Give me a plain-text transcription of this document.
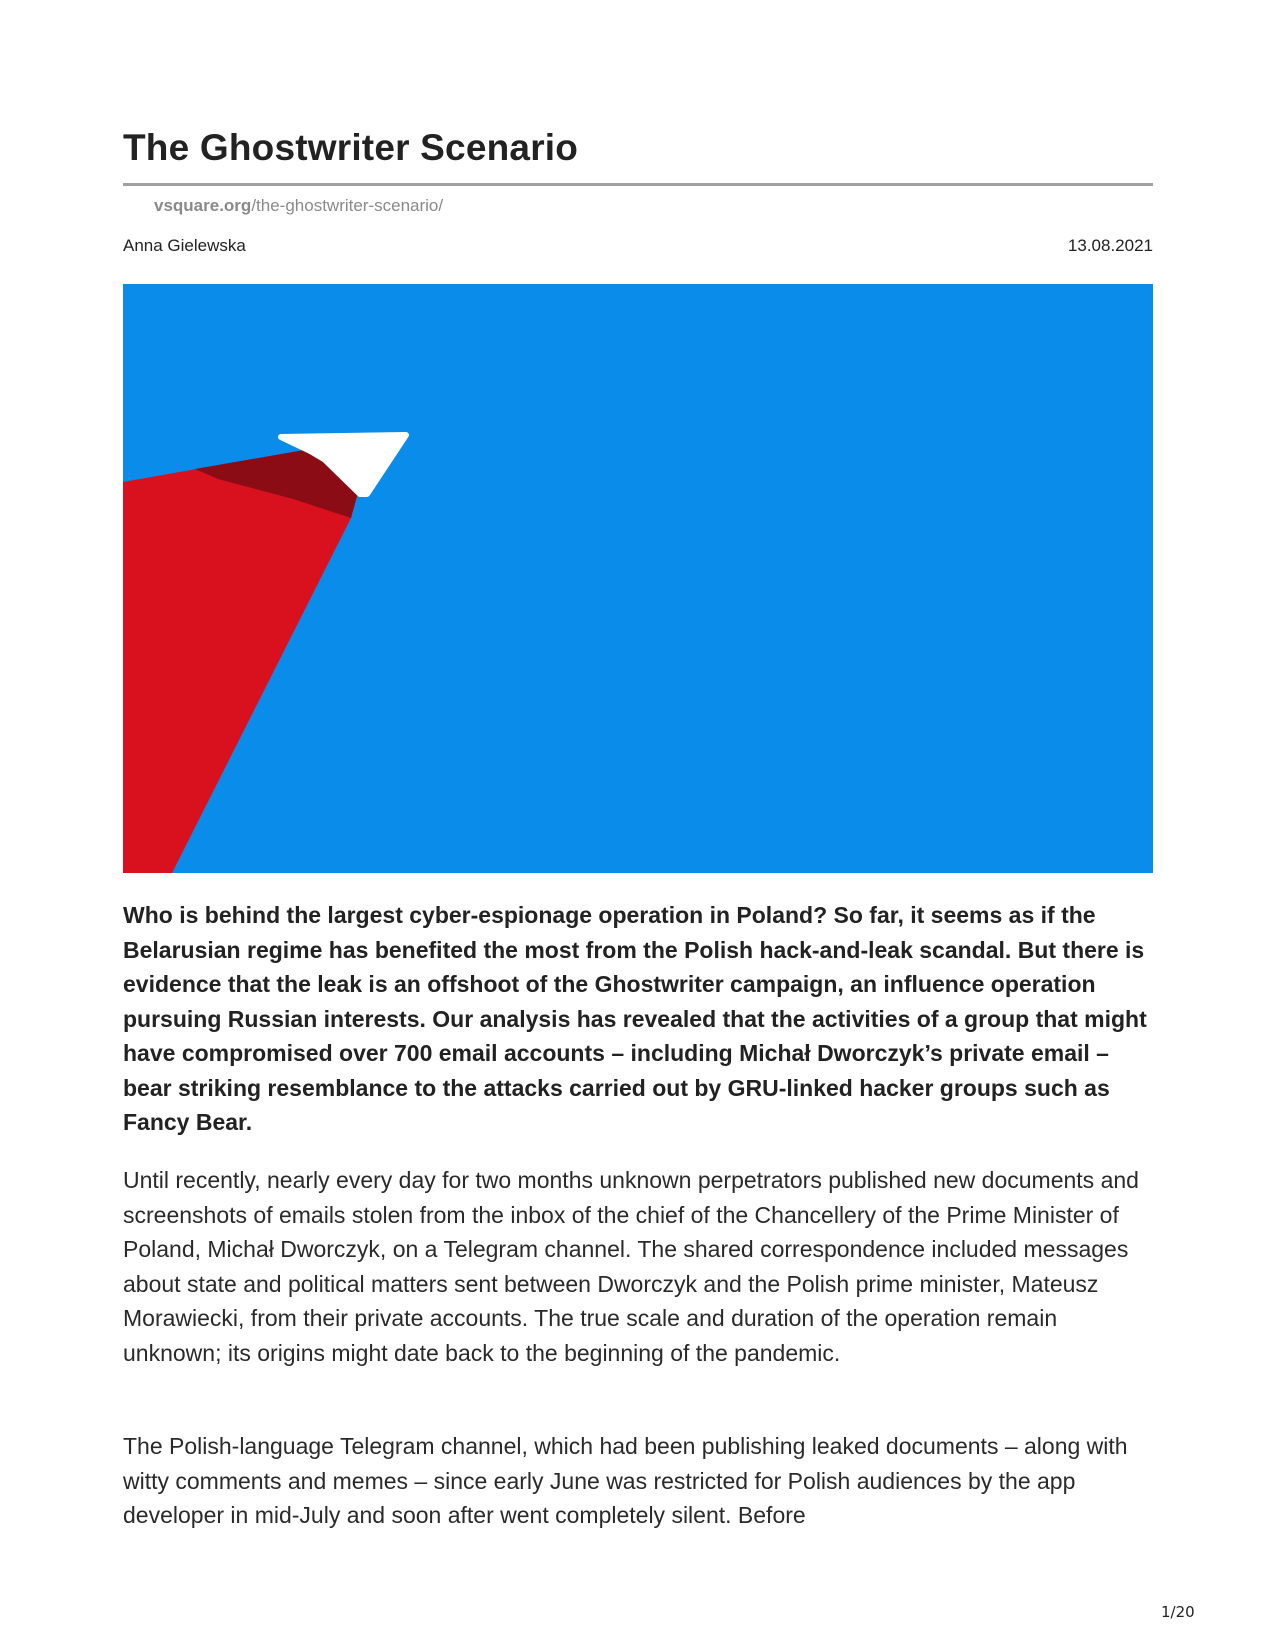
The Ghostwriter Scenario
vsquare.org/the-ghostwriter-scenario/
Anna Gielewska	13.08.2021

Who is behind the largest cyber-espionage operation in Poland? So far, it seems as if the Belarusian regime has benefited the most from the Polish hack-and-leak scandal. But there is evidence that the leak is an offshoot of the Ghostwriter campaign, an influence operation pursuing Russian interests. Our analysis has revealed that the activities of a group that might have compromised over 700 email accounts – including Michał Dworczyk’s private email – bear striking resemblance to the attacks carried out by GRU-linked hacker groups such as Fancy Bear.

Until recently, nearly every day for two months unknown perpetrators published new documents and screenshots of emails stolen from the inbox of the chief of the Chancellery of the Prime Minister of Poland, Michał Dworczyk, on a Telegram channel. The shared correspondence included messages about state and political matters sent between Dworczyk and the Polish prime minister, Mateusz Morawiecki, from their private accounts. The true scale and duration of the operation remain unknown; its origins might date back to the beginning of the pandemic.

The Polish-language Telegram channel, which had been publishing leaked documents – along with witty comments and memes – since early June was restricted for Polish audiences by the app developer in mid-July and soon after went completely silent. Before

1/20
